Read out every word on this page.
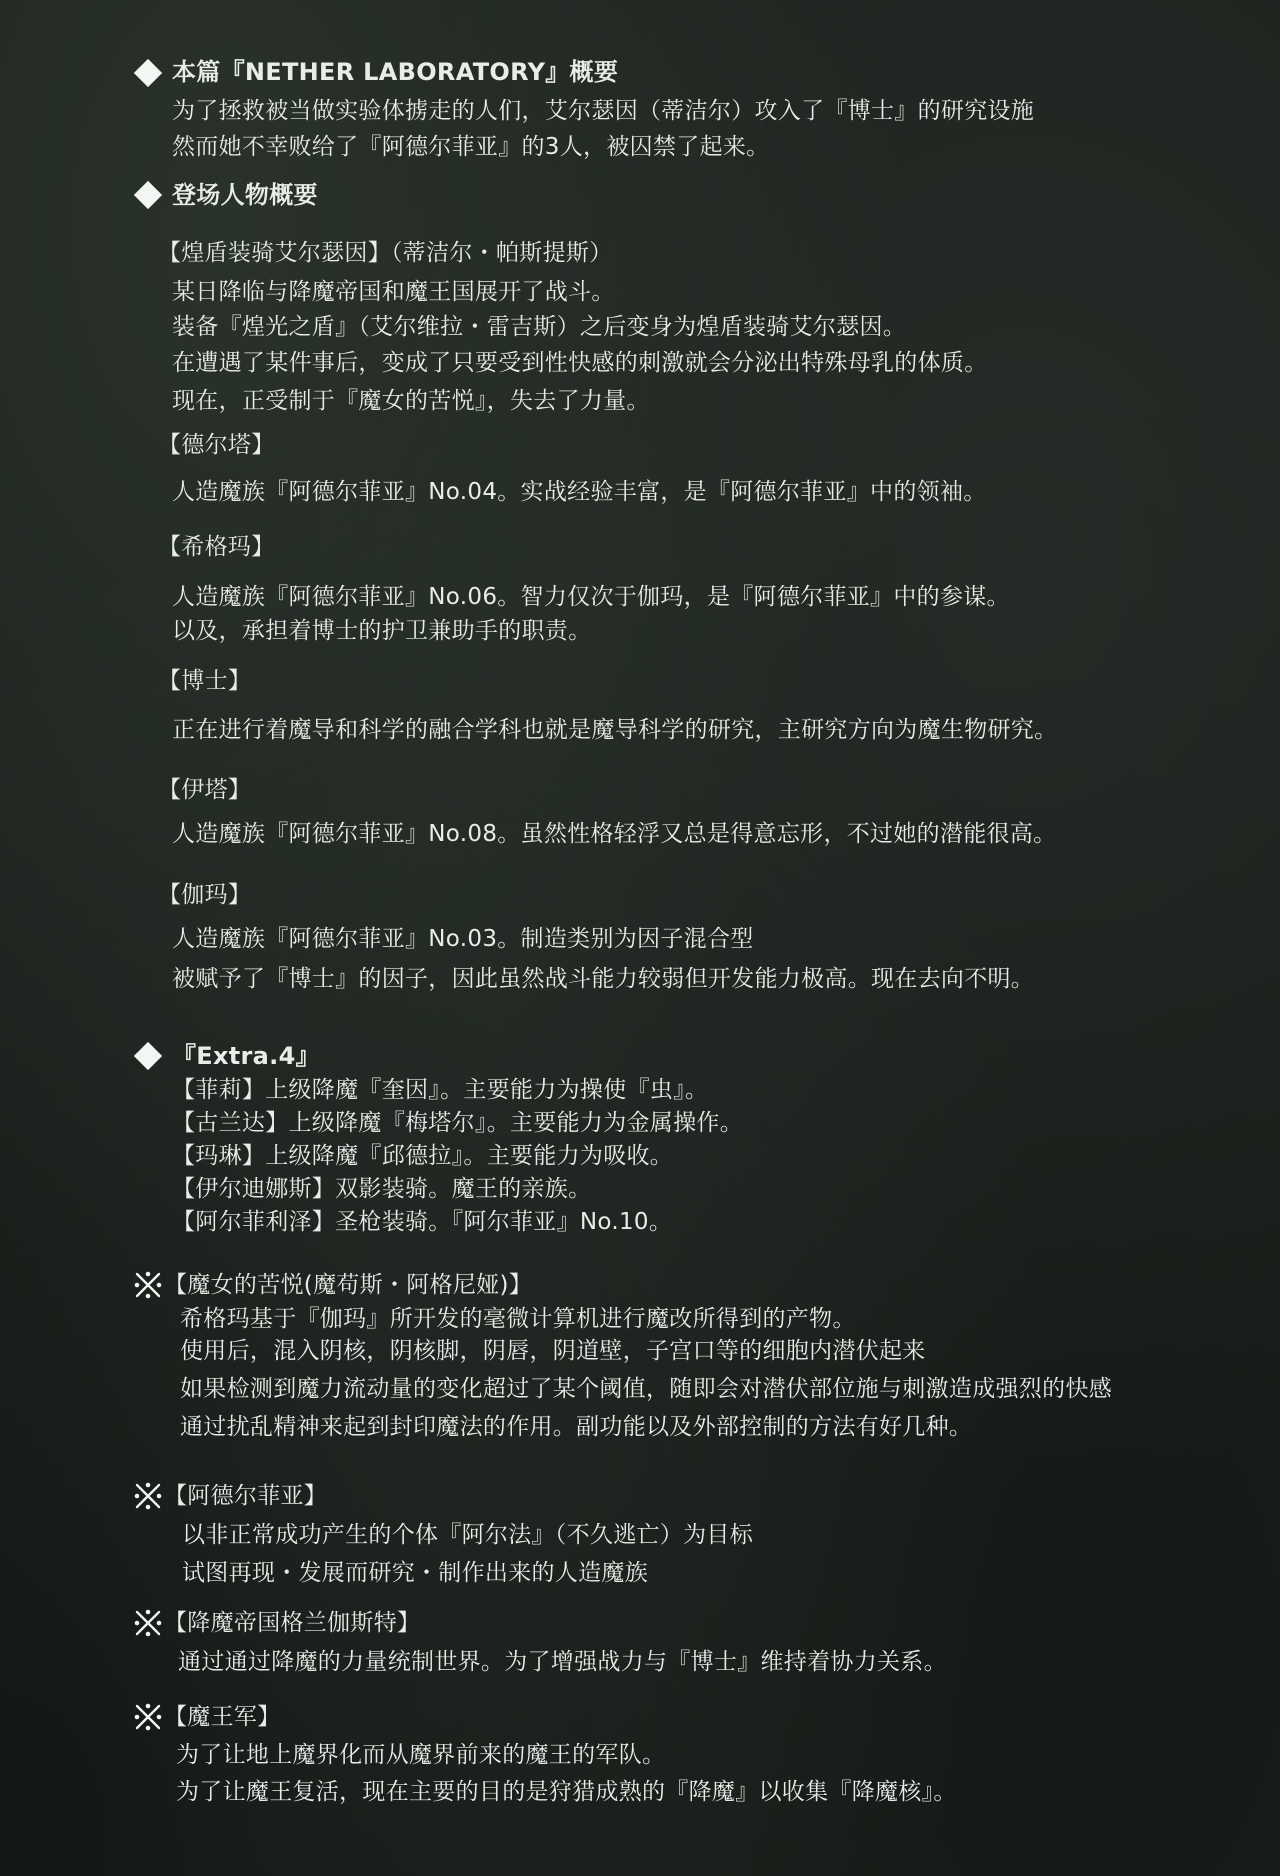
本篇『NETHER LABORATORY』概要
为了拯救被当做实验体掳走的人们，艾尔瑟因（蒂洁尔）攻入了『博士』的研究设施
然而她不幸败给了『阿德尔菲亚』的3人，被囚禁了起来。
登场人物概要
【煌盾装骑艾尔瑟因】（蒂洁尔・帕斯提斯）
某日降临与降魔帝国和魔王国展开了战斗。
装备『煌光之盾』（艾尔维拉・雷吉斯）之后变身为煌盾装骑艾尔瑟因。
在遭遇了某件事后，变成了只要受到性快感的刺激就会分泌出特殊母乳的体质。
现在，正受制于『魔女的苦悦』，失去了力量。
【德尔塔】
人造魔族『阿德尔菲亚』No.04。实战经验丰富，是『阿德尔菲亚』中的领袖。
【希格玛】
人造魔族『阿德尔菲亚』No.06。智力仅次于伽玛，是『阿德尔菲亚』中的参谋。
以及，承担着博士的护卫兼助手的职责。
【博士】
正在进行着魔导和科学的融合学科也就是魔导科学的研究，主研究方向为魔生物研究。
【伊塔】
人造魔族『阿德尔菲亚』No.08。虽然性格轻浮又总是得意忘形，不过她的潜能很高。
【伽玛】
人造魔族『阿德尔菲亚』No.03。制造类别为因子混合型
被赋予了『博士』的因子，因此虽然战斗能力较弱但开发能力极高。现在去向不明。
『Extra.4』
【菲莉】上级降魔『奎因』。主要能力为操使『虫』。
【古兰达】上级降魔『梅塔尔』。主要能力为金属操作。
【玛琳】上级降魔『邱德拉』。主要能力为吸收。
【伊尔迪娜斯】双影装骑。魔王的亲族。
【阿尔菲利泽】圣枪装骑。『阿尔菲亚』No.10。
【魔女的苦悦(魔苟斯・阿格尼娅)】
希格玛基于『伽玛』所开发的毫微计算机进行魔改所得到的产物。
使用后，混入阴核，阴核脚，阴唇，阴道壁，子宫口等的细胞内潜伏起来
如果检测到魔力流动量的变化超过了某个阈值，随即会对潜伏部位施与刺激造成强烈的快感
通过扰乱精神来起到封印魔法的作用。副功能以及外部控制的方法有好几种。
【阿德尔菲亚】
以非正常成功产生的个体『阿尔法』（不久逃亡）为目标
试图再现・发展而研究・制作出来的人造魔族
【降魔帝国格兰伽斯特】
通过通过降魔的力量统制世界。为了增强战力与『博士』维持着协力关系。
【魔王军】
为了让地上魔界化而从魔界前来的魔王的军队。
为了让魔王复活，现在主要的目的是狩猎成熟的『降魔』以收集『降魔核』。
